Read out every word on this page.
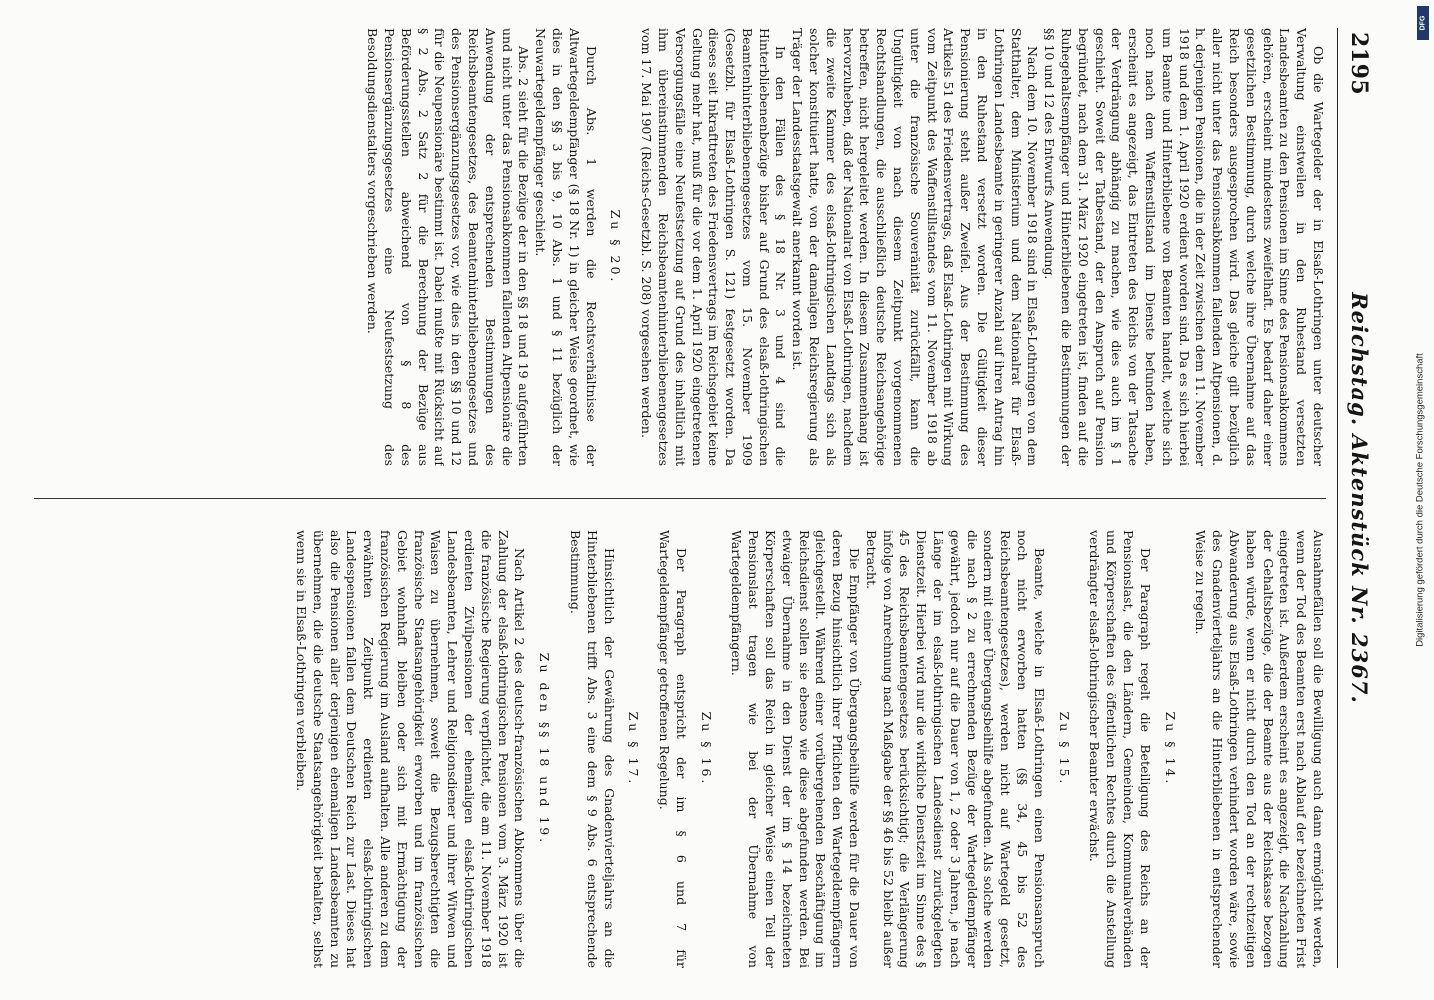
Digitalisierung gefördert durch die Deutsche Forschungsgemeinschaft
DFG
2195
Reichstag. Aktenstück Nr. 2367.

Ob die Wartegelder der in Elsaß-Lothringen unter deutscher Verwaltung einstweilen in den Ruhestand versetzten Landesbeamten zu den Pensionen im Sinne des Pensionsabkommens gehören, erscheint mindestens zweifelhaft. Es bedarf daher einer gesetzlichen Bestimmung, durch welche ihre Übernahme auf das Reich besonders ausgesprochen wird. Das gleiche gilt bezüglich aller nicht unter das Pensionsabkommen fallenden Altpensionen, d. h. derjenigen Pensionen, die in der Zeit zwischen dem 11. November 1918 und dem 1. April 1920 erdient worden sind. Da es sich hierbei um Beamte und Hinterbliebene von Beamten handelt, welche sich noch nach dem Waffenstillstand im Dienste befunden haben, erscheint es angezeigt, das Eintreten des Reichs von der Tatsache der Verdrängung abhängig zu machen, wie dies auch im § 1 geschieht. Soweit der Tatbestand, der den Anspruch auf Pension begründet, nach dem 31. März 1920 eingetreten ist, finden auf die Ruhegehaltsempfänger und Hinterbliebenen die Bestimmungen der §§ 10 und 12 des Entwurfs Anwendung.

Nach dem 10. November 1918 sind in Elsaß-Lothringen von dem Statthalter, dem Ministerium und dem Nationalrat für Elsaß-Lothringen Landesbeamte in geringerer Anzahl auf ihren Antrag hin in den Ruhestand versetzt worden. Die Gültigkeit dieser Pensionierung steht außer Zweifel. Aus der Bestimmung des Artikels 51 des Friedensvertrags, daß Elsaß-Lothringen mit Wirkung vom Zeitpunkt des Waffenstillstandes vom 11. November 1918 ab unter die französische Souveränität zurückfällt, kann die Ungültigkeit von nach diesem Zeitpunkt vorgenommenen Rechtshandlungen, die ausschließlich deutsche Reichsangehörige betreffen, nicht hergeleitet werden. In diesem Zusammenhang ist hervorzuheben, daß der Nationalrat von Elsaß-Lothringen, nachdem die zweite Kammer des elsaß-lothringischen Landtags sich als solcher konstituiert hatte, von der damaligen Reichsregierung als Träger der Landesstaatsgewalt anerkannt worden ist.

In den Fällen des § 18 Nr. 3 und 4 sind die Hinterbliebenenbezüge bisher auf Grund des elsaß-lothringischen Beamtenhinterbliebenengesetzes vom 15. November 1909 (Gesetzbl. für Elsaß-Lothringen S. 121) festgesetzt worden. Da dieses seit Inkrafttreten des Friedensvertrags im Reichsgebiet keine Geltung mehr hat, muß für die vor dem 1. April 1920 eingetretenen Versorgungsfälle eine Neufestsetzung auf Grund des inhaltlich mit ihm übereinstimmenden Reichsbeamtenhinterbliebenengesetzes vom 17. Mai 1907 (Reichs-Gesetzbl. S. 208) vorgesehen werden.

Zu § 20.

Durch Abs. 1 werden die Rechtsverhältnisse der Altwartegeldempfänger (§ 18 Nr. 1) in gleicher Weise geordnet, wie dies in den §§ 3 bis 9, 10 Abs. 1 und § 11 bezüglich der Neuwartegeldempfänger geschieht.

Abs. 2 sieht für die Bezüge der in den §§ 18 und 19 aufgeführten und nicht unter das Pensionsabkommen fallenden Altpensionäre die Anwendung der entsprechenden Bestimmungen des Reichsbeamtengesetzes, des Beamtenhinterbliebenengesetzes und des Pensionsergänzungsgesetzes vor, wie dies in den §§ 10 und 12 für die Neupensionäre bestimmt ist. Dabei mußte mit Rücksicht auf § 2 Abs. 2 Satz 2 für die Berechnung der Bezüge aus Beförderungsstellen abweichend von § 8 des Pensionsergänzungsgesetzes eine Neufestsetzung des Besoldungsdienstalters vorgeschrieben werden.

Ausnahmefällen soll die Bewilligung auch dann ermöglicht werden, wenn der Tod des Beamten erst nach Ablauf der bezeichneten Frist eingetreten ist. Außerdem erscheint es angezeigt, die Nachzahlung der Gehaltsbezüge, die der Beamte aus der Reichskasse bezogen haben würde, wenn er nicht durch den Tod an der rechtzeitigen Abwanderung aus Elsaß-Lothringen verhindert worden wäre, sowie des Gnadenvierteljahrs an die Hinterbliebenen in entsprechender Weise zu regeln.

Zu § 14.

Der Paragraph regelt die Beteiligung des Reichs an der Pensionslast, die den Ländern, Gemeinden, Kommunalverbänden und Körperschaften des öffentlichen Rechtes durch die Anstellung verdrängter elsaß-lothringischer Beamter erwächst.

Zu § 15.

Beamte, welche in Elsaß-Lothringen einen Pensionsanspruch noch nicht erworben hatten (§§ 34, 45 bis 52 des Reichsbeamtengesetzes), werden nicht auf Wartegeld gesetzt, sondern mit einer Übergangsbeihilfe abgefunden. Als solche werden die nach § 2 zu errechnenden Bezüge der Wartegeldempfänger gewährt, jedoch nur auf die Dauer von 1, 2 oder 3 Jahren, je nach Länge der im elsaß-lothringischen Landesdienst zurückgelegten Dienstzeit. Hierbei wird nur die wirkliche Dienstzeit im Sinne des § 45 des Reichsbeamtengesetzes berücksichtigt; die Verlängerung infolge von Anrechnung nach Maßgabe der §§ 46 bis 52 bleibt außer Betracht.

Die Empfänger von Übergangsbeihilfe werden für die Dauer von deren Bezug hinsichtlich ihrer Pflichten den Wartegeldempfängern gleichgestellt. Während einer vorübergehenden Beschäftigung im Reichsdienst sollen sie ebenso wie diese abgefunden werden. Bei etwaiger Übernahme in den Dienst der im § 14 bezeichneten Körperschaften soll das Reich in gleicher Weise einen Teil der Pensionslast tragen wie bei der Übernahme von Wartegeldempfängern.

Zu § 16.

Der Paragraph entspricht der im § 6 und 7 für Wartegeldempfänger getroffenen Regelung.

Zu § 17.

Hinsichtlich der Gewährung des Gnadenvierteljahrs an die Hinterbliebenen trifft Abs. 3 eine dem § 9 Abs. 6 entsprechende Bestimmung.

Zu den §§ 18 und 19.

Nach Artikel 2 des deutsch-französischen Abkommens über die Zahlung der elsaß-lothringischen Pensionen vom 3. März 1920 ist die französische Regierung verpflichtet, die am 11. November 1918 erdienten Zivilpensionen der ehemaligen elsaß-lothringischen Landesbeamten, Lehrer und Religionsdiener und ihrer Witwen und Waisen zu übernehmen, soweit die Bezugsberechtigten die französische Staatsangehörigkeit erworben und im französischen Gebiet wohnhaft bleiben oder sich mit Ermächtigung der französischen Regierung im Ausland aufhalten. Alle anderen zu dem erwähnten Zeitpunkt erdienten elsaß-lothringischen Landespensionen fallen dem Deutschen Reich zur Last. Dieses hat also die Pensionen aller derjenigen ehemaligen Landesbeamten zu übernehmen, die die deutsche Staatsangehörigkeit behalten, selbst wenn sie in Elsaß-Lothringen verbleiben.
